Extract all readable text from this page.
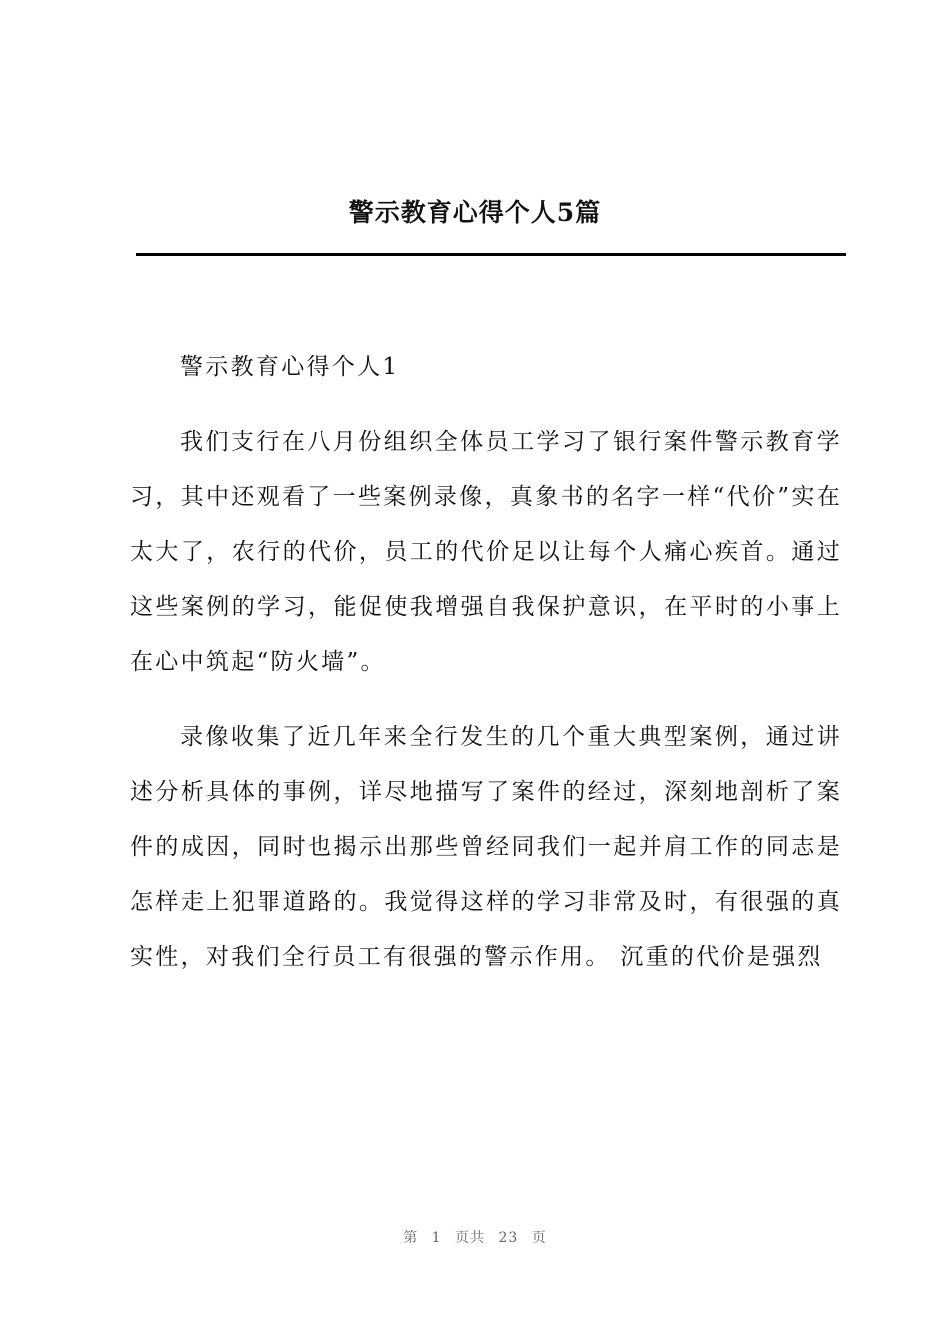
警示教育心得个人5篇

警示教育心得个人1

我们支行在八月份组织全体员工学习了银行案件警示教育学习，其中还观看了一些案例录像，真象书的名字一样“代价”实在太大了，农行的代价，员工的代价足以让每个人痛心疾首。通过这些案例的学习，能促使我增强自我保护意识，在平时的小事上在心中筑起“防火墙”。

录像收集了近几年来全行发生的几个重大典型案例，通过讲述分析具体的事例，详尽地描写了案件的经过，深刻地剖析了案件的成因，同时也揭示出那些曾经同我们一起并肩工作的同志是怎样走上犯罪道路的。我觉得这样的学习非常及时，有很强的真实性，对我们全行员工有很强的警示作用。 沉重的代价是强烈

第 1 页共 23 页
